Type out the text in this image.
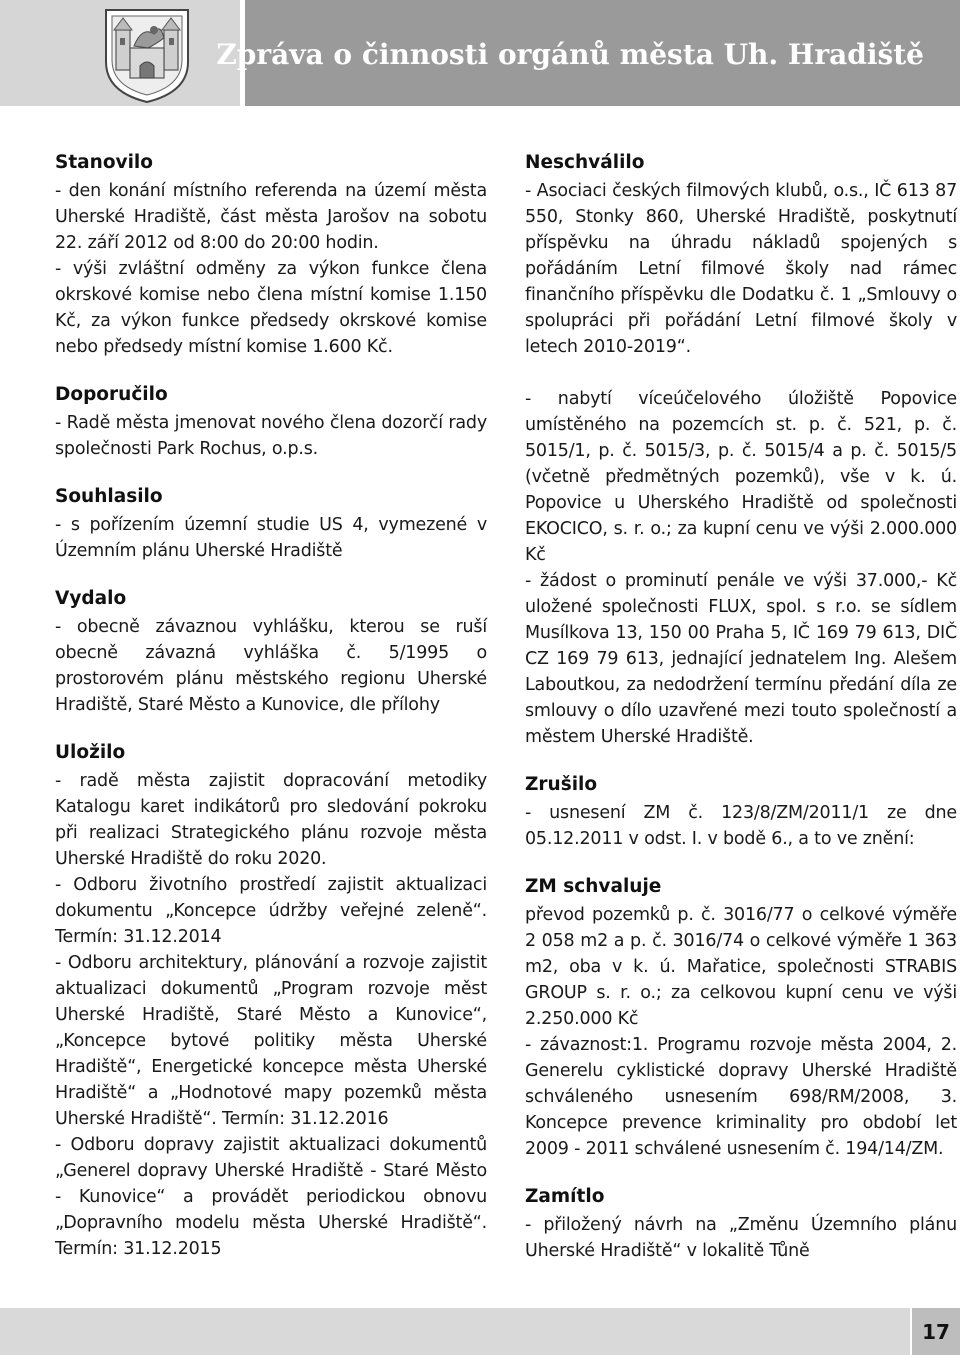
Zpráva o činnosti orgánů města Uh. Hradiště
Stanovilo

- den konání místního referenda na území města Uherské Hradiště, část města Jarošov na sobotu 22. září 2012 od 8:00 do 20:00 hodin.

- výši zvláštní odměny za výkon funkce člena okrskové komise nebo člena místní komise 1.150 Kč, za výkon funkce předsedy okrskové komise nebo předsedy místní komise 1.600 Kč.

Doporučilo

- Radě města jmenovat nového člena dozorčí rady společnosti Park Rochus, o.p.s.

Souhlasilo

- s pořízením územní studie US 4, vymezené v Územním plánu Uherské Hradiště

Vydalo

- obecně závaznou vyhlášku, kterou se ruší obecně závazná vyhláška č. 5/1995 o prostorovém plánu městského regionu Uherské Hradiště, Staré Město a Kunovice, dle přílohy

Uložilo

- radě města zajistit dopracování metodiky Katalogu karet indikátorů pro sledování pokroku při realizaci Strategického plánu rozvoje města Uherské Hradiště do roku 2020.

- Odboru životního prostředí zajistit aktualizaci dokumentu „Koncepce údržby veřejné zeleně“. Termín: 31.12.2014

- Odboru architektury, plánování a rozvoje zajistit aktualizaci dokumentů „Program rozvoje měst Uherské Hradiště, Staré Město a Kunovice“, „Koncepce bytové politiky města Uherské Hradiště“, Energetické koncepce města Uherské Hradiště“ a „Hodnotové mapy pozemků města Uherské Hradiště“. Termín: 31.12.2016

- Odboru dopravy zajistit aktualizaci dokumentů „Generel dopravy Uherské Hradiště - Staré Město - Kunovice“ a provádět periodickou obnovu „Dopravního modelu města Uherské Hradiště“. Termín: 31.12.2015

Neschválilo

- Asociaci českých filmových klubů, o.s., IČ 613 87 550, Stonky 860, Uherské Hradiště, poskytnutí příspěvku na úhradu nákladů spojených s pořádáním Letní filmové školy nad rámec finančního příspěvku dle Dodatku č. 1 „Smlouvy o spolupráci při pořádání Letní filmové školy v letech 2010-2019“.

- nabytí víceúčelového úložiště Popovice umístěného na pozemcích st. p. č. 521, p. č. 5015/1, p. č. 5015/3, p. č. 5015/4 a p. č. 5015/5 (včetně předmětných pozemků), vše v k. ú. Popovice u Uherského Hradiště od společnosti EKOCICO, s. r. o.; za kupní cenu ve výši 2.000.000 Kč

- žádost o prominutí penále ve výši 37.000,- Kč uložené společnosti FLUX, spol. s r.o. se sídlem Musílkova 13, 150 00 Praha 5, IČ 169 79 613, DIČ CZ 169 79 613, jednající jednatelem Ing. Alešem Laboutkou, za nedodržení termínu předání díla ze smlouvy o dílo uzavřené mezi touto společností a městem Uherské Hradiště.

Zrušilo

- usnesení ZM č. 123/8/ZM/2011/1 ze dne 05.12.2011 v odst. I. v bodě 6., a to ve znění:

ZM schvaluje

převod pozemků p. č. 3016/77 o celkové výměře 2 058 m2 a p. č. 3016/74 o celkové výměře 1 363 m2, oba v k. ú. Mařatice, společnosti STRABIS GROUP s. r. o.; za celkovou kupní cenu ve výši 2.250.000 Kč

- závaznost:1. Programu rozvoje města 2004, 2. Generelu cyklistické dopravy Uherské Hradiště schváleného usnesením 698/RM/2008, 3. Koncepce prevence kriminality pro období let 2009 - 2011 schválené usnesením č. 194/14/ZM.

Zamítlo

- přiložený návrh na „Změnu Územního plánu Uherské Hradiště“ v lokalitě Tůně

17
